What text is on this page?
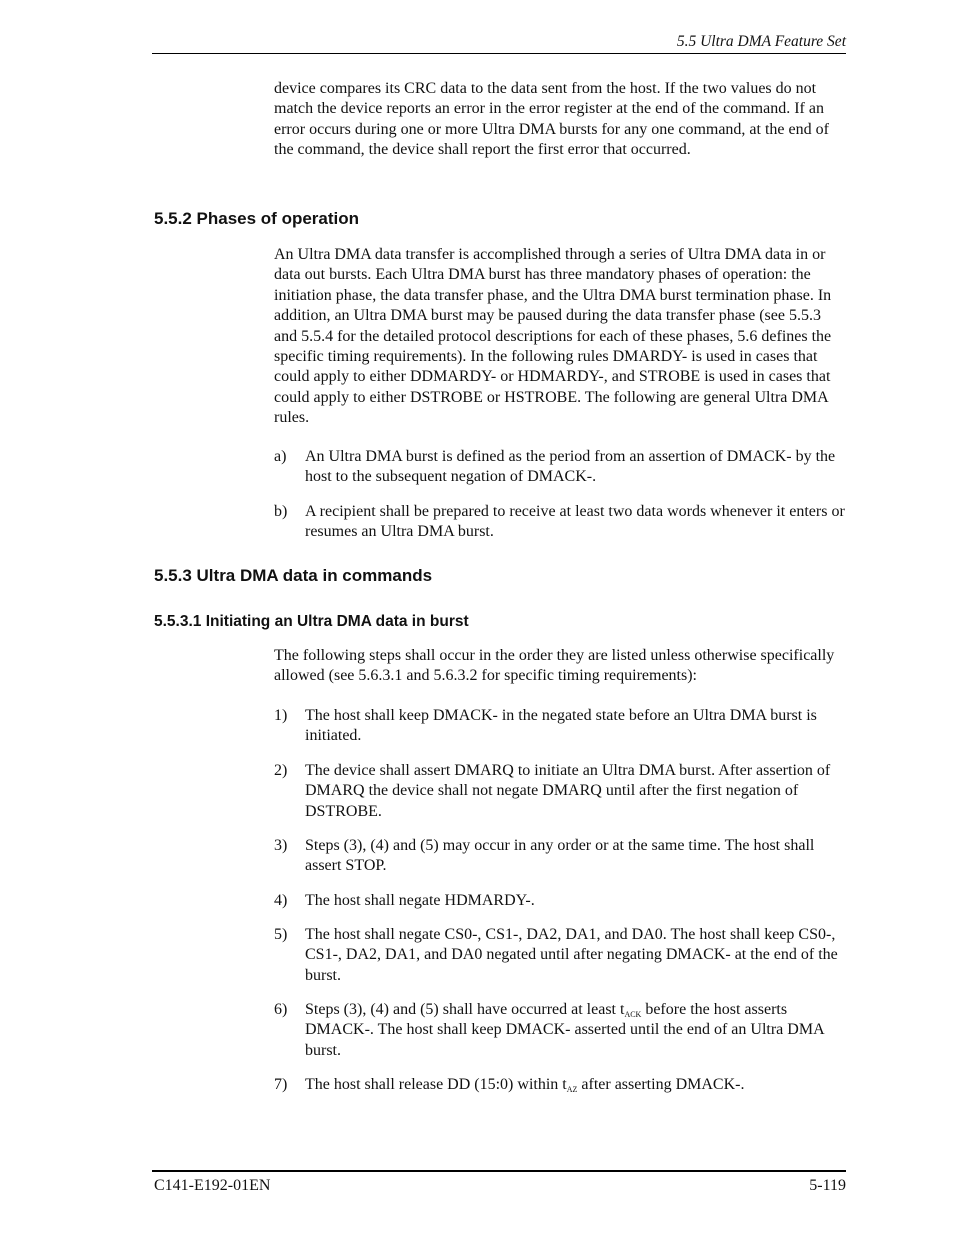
5.5 Ultra DMA Feature Set

device compares its CRC data to the data sent from the host. If the two values do not match the device reports an error in the error register at the end of the command. If an error occurs during one or more Ultra DMA bursts for any one command, at the end of the command, the device shall report the first error that occurred.

5.5.2 Phases of operation

An Ultra DMA data transfer is accomplished through a series of Ultra DMA data in or data out bursts. Each Ultra DMA burst has three mandatory phases of operation: the initiation phase, the data transfer phase, and the Ultra DMA burst termination phase. In addition, an Ultra DMA burst may be paused during the data transfer phase (see 5.5.3 and 5.5.4 for the detailed protocol descriptions for each of these phases, 5.6 defines the specific timing requirements). In the following rules DMARDY- is used in cases that could apply to either DDMARDY- or HDMARDY-, and STROBE is used in cases that could apply to either DSTROBE or HSTROBE. The following are general Ultra DMA rules.

a) An Ultra DMA burst is defined as the period from an assertion of DMACK- by the host to the subsequent negation of DMACK-.
b) A recipient shall be prepared to receive at least two data words whenever it enters or resumes an Ultra DMA burst.
5.5.3 Ultra DMA data in commands
5.5.3.1 Initiating an Ultra DMA data in burst

The following steps shall occur in the order they are listed unless otherwise specifically allowed (see 5.6.3.1 and 5.6.3.2 for specific timing requirements):

1) The host shall keep DMACK- in the negated state before an Ultra DMA burst is initiated.
2) The device shall assert DMARQ to initiate an Ultra DMA burst. After assertion of DMARQ the device shall not negate DMARQ until after the first negation of DSTROBE.
3) Steps (3), (4) and (5) may occur in any order or at the same time. The host shall assert STOP.
4) The host shall negate HDMARDY-.
5) The host shall negate CS0-, CS1-, DA2, DA1, and DA0. The host shall keep CS0-, CS1-, DA2, DA1, and DA0 negated until after negating DMACK- at the end of the burst.
6) Steps (3), (4) and (5) shall have occurred at least $t_{ACK}$ before the host asserts DMACK-. The host shall keep DMACK- asserted until the end of an Ultra DMA burst.
7) The host shall release DD (15:0) within $t_{AZ}$ after asserting DMACK-.
C141-E192-01EN	5-119
